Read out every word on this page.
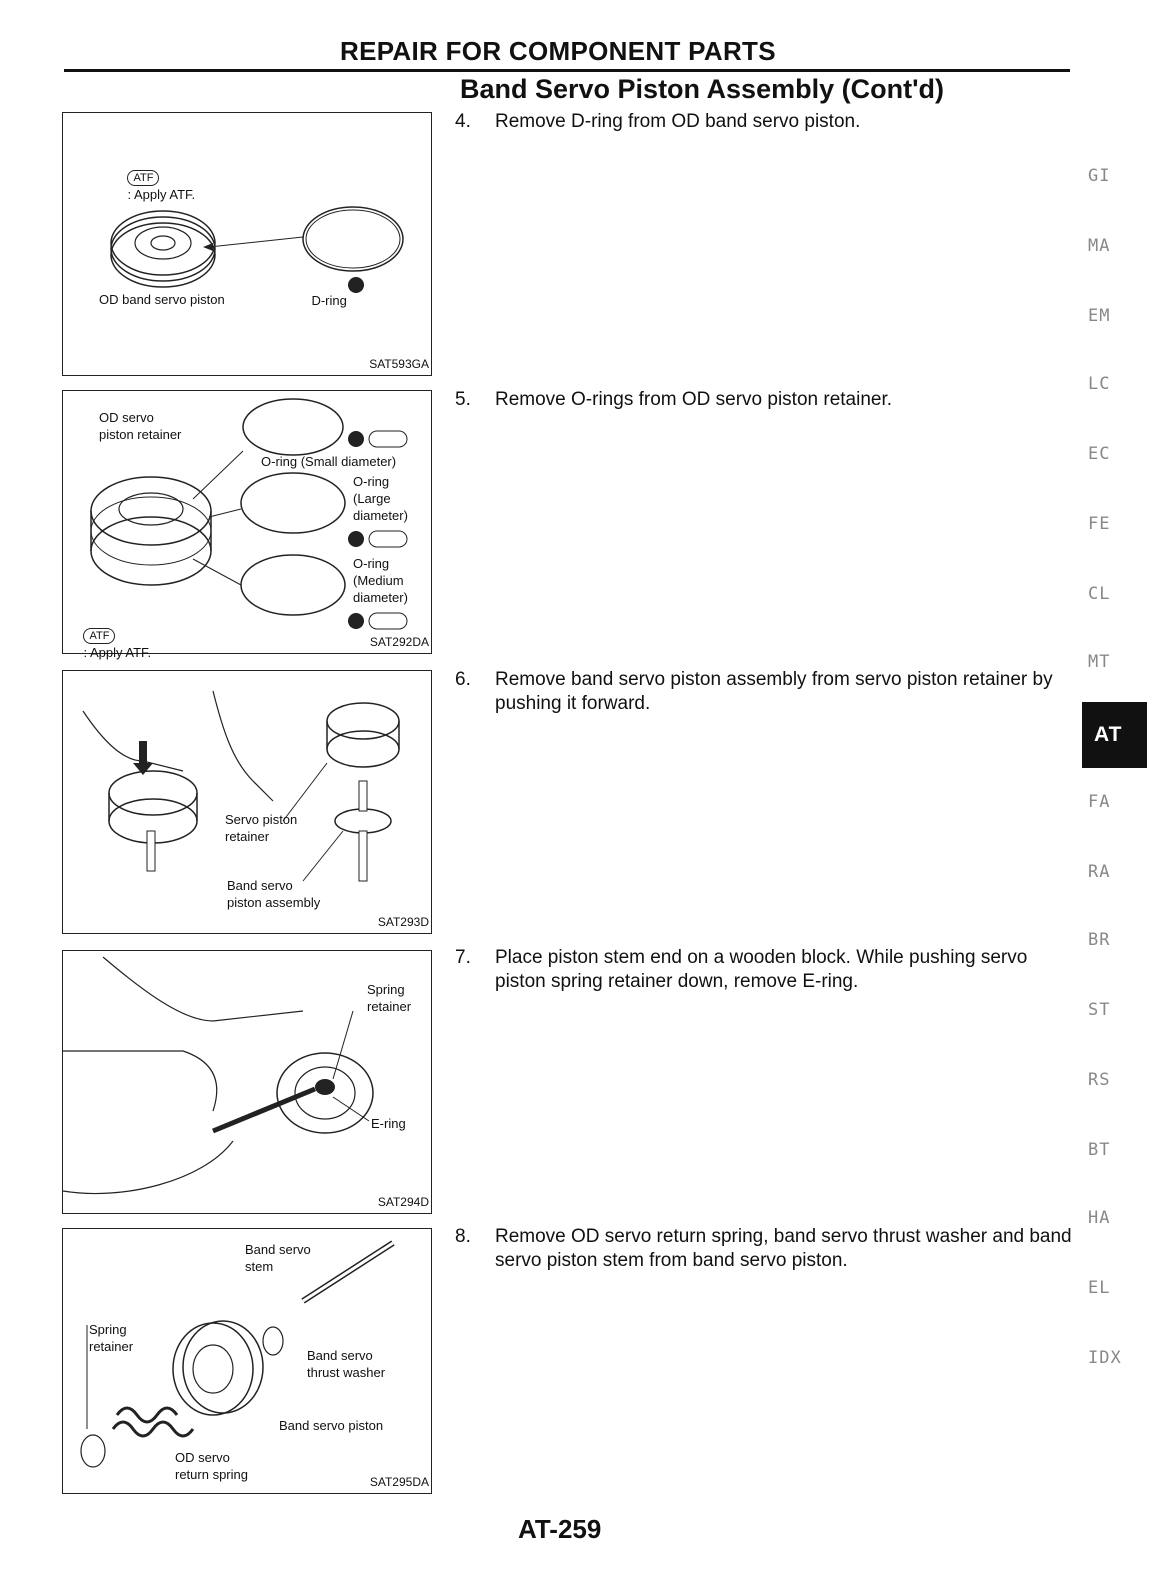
REPAIR FOR COMPONENT PARTS
Band Servo Piston Assembly (Cont'd)

ATF
: Apply ATF.

D-ring

OD band servo piston
SAT593GA
OD servo
piston retainer
O-ring (Small diameter)
O-ring
(Large
diameter)
O-ring
(Medium
diameter)

ATF
: Apply ATF.

SAT292DA
Servo piston
retainer
Band servo
piston assembly
SAT293D
Spring
retainer
E-ring
SAT294D
Band servo
stem
Spring
retainer
Band servo
thrust washer
Band servo piston
OD servo
return spring	SAT295DA
4. Remove D-ring from OD band servo piston.
5. Remove O-rings from OD servo piston retainer.
6. Remove band servo piston assembly from servo piston retainer by pushing it forward.
7. Place piston stem end on a wooden block. While pushing servo piston spring retainer down, remove E-ring.
8. Remove OD servo return spring, band servo thrust washer and band servo piston stem from band servo piston.
GI
MA
EM
LC
EC
FE
CL
MT
AT
FA
RA
BR
ST
RS
BT
HA
EL
IDX
AT-259
